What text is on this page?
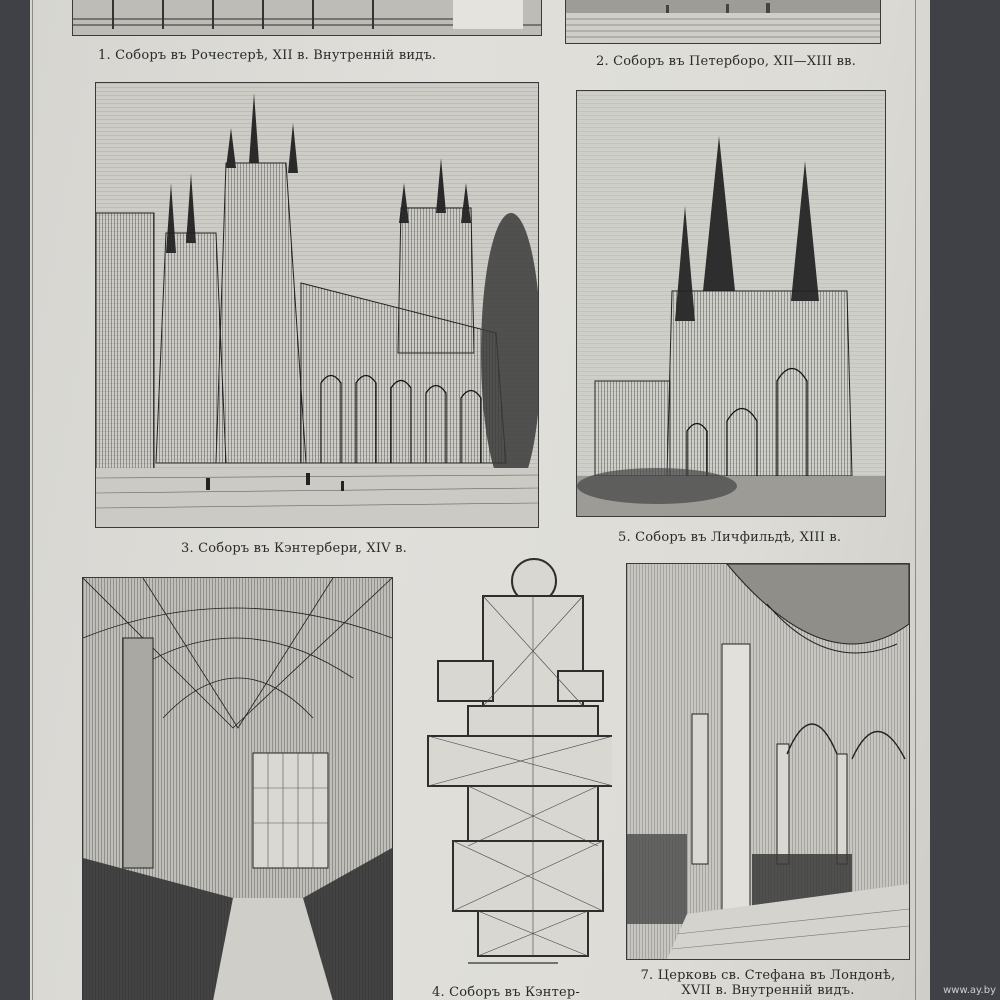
1. Соборъ въ Рочестерѣ, XII в. Внутренній видъ.	2. Соборъ въ Петерборо, XII—XIII вв.
3. Соборъ въ Кэнтербери, XIV в.
5. Соборъ въ Личфильдѣ, XIII в.
4. Соборъ въ Кэнтер-
7. Церковь св. Стефана въ Лондонѣ,
XVII в. Внутренній видъ.	www.ay.by
